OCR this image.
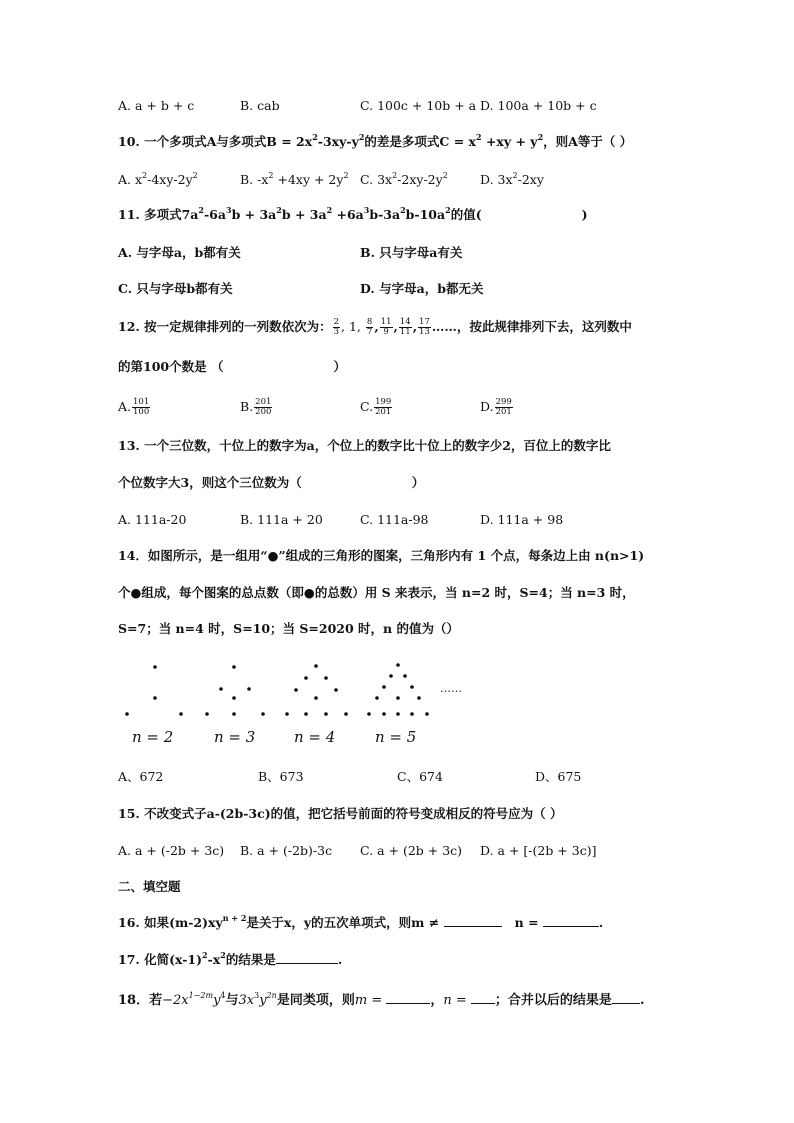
A. a + b + c	B. cab	C. 100c + 10b + a D. 100a + 10b + c
10. 一个多项式A与多项式$B = 2x^2-3xy-y^2$的差是多项式$C = x^2 +xy + y^2$，则A等于（ ）
A. $x^2-4xy-2y^2$	B. $-x^2 +4xy + 2y^2$ C. $3x^2-2xy-2y^2$	D. $3x^2-2xy$
11. 多项式$7a^2-6a^3b + 3a^2b + 3a^2 +6a^3b-3a^2b-10a^2$的值(	)
A. 与字母a，b都有关	B. 只与字母a有关
C. 只与字母b都有关	D. 与字母a，b都无关
12. 按一定规律排列的一列数依次为： $\frac{2}{3}$ , 1, $\frac{8}{7}$ , $\frac{11}{9}$ , $\frac{14}{11}$ , $\frac{17}{13}$ ……，按此规律排列下去，这列数中
的第100个数是 （	）
A. $\frac{101}{100}$	B. $\frac{201}{200}$	C. $\frac{199}{201}$	D. $\frac{299}{201}$
13. 一个三位数，十位上的数字为a，个位上的数字比十位上的数字少2，百位上的数字比
个位数字大3，则这个三位数为（	）
A. 111a-20	B. 111a + 20	C. 111a-98	D. 111a + 98
14．如图所示，是一组用“●”组成的三角形的图案，三角形内有 1 个点，每条边上由 n(n>1)
个●组成，每个图案的总点数（即●的总数）用 S 来表示，当 n=2 时，S=4；当 n=3 时，
S=7；当 n=4 时，S=10；当 S=2020 时，n 的值为（）
……
n = 2	n = 3	n = 4	n = 5
A、672	B、673	C、674	D、675
15. 不改变式子a-(2b-3c)的值，把它括号前面的符号变成相反的符号应为（ ）
A. a + (-2b + 3c) B. a + (-2b)-3c C. a + (2b + 3c) D. a + [-(2b + 3c)]
二、填空题
16. 如果$(m-2)xy^{n + 2}$是关于x，y的五次单项式，则m ≠	n =	.
17. 化简$(x-1)^2-x^2$的结果是	.
18．若$-2x^{1-2m}y^4$与$3x^3y^{2n}$是同类项，则m =	，n = ；合并以后的结果是 .
